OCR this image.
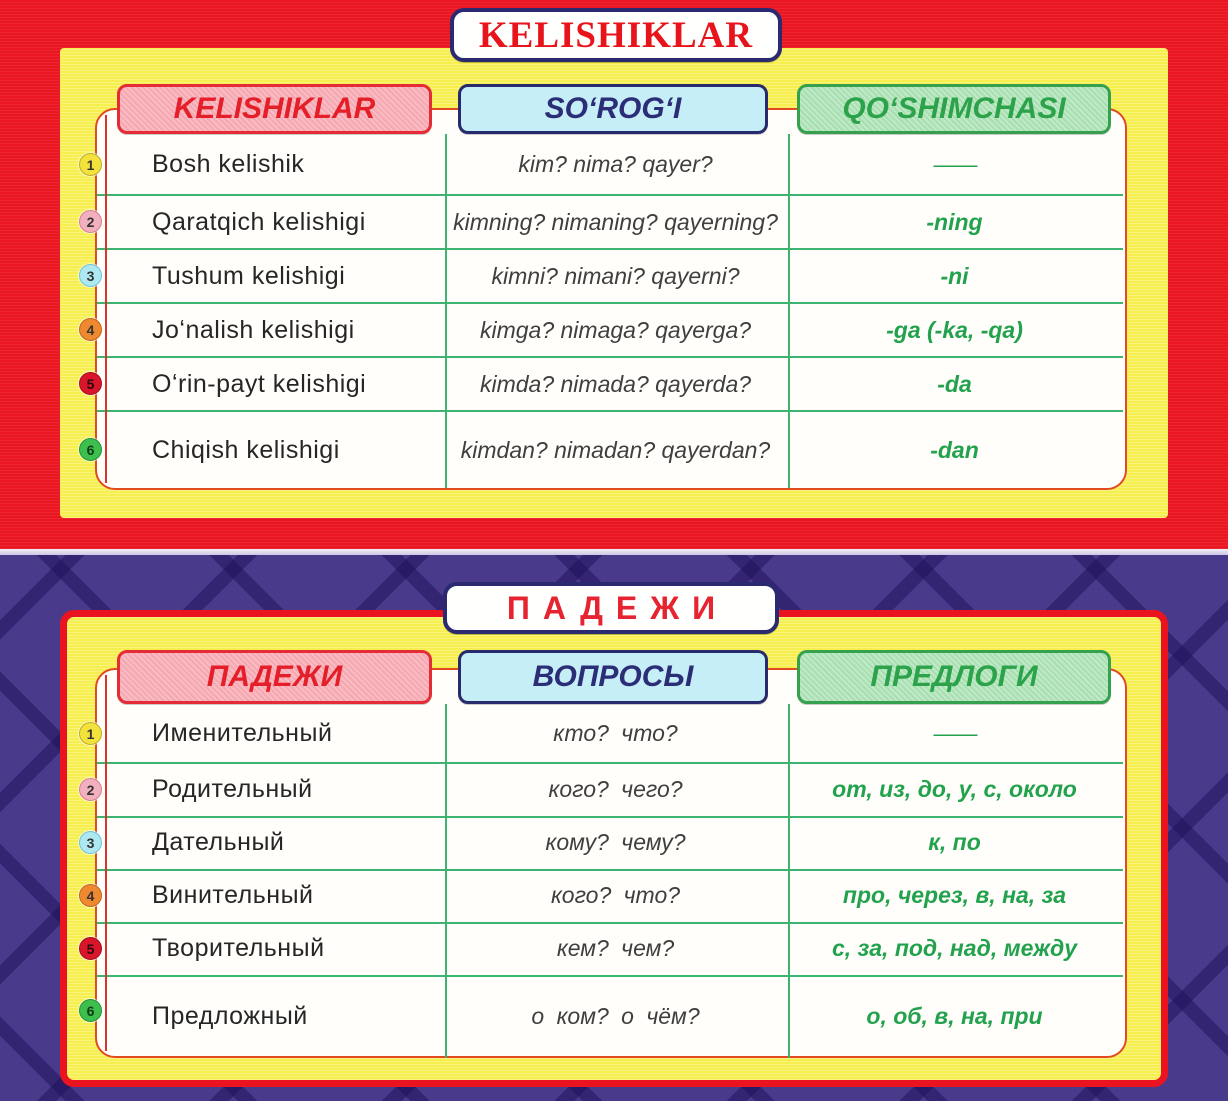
KELISHIKLAR
KELISHIKLAR	SOʻROGʻI	QOʻSHIMCHASI
Bosh kelishik	kim? nima? qayer?	——
Qaratqich kelishigi	kimning? nimaning? qayerning?	-ning
Tushum kelishigi	kimni? nimani? qayerni?	-ni
Joʻnalish kelishigi	kimga? nimaga? qayerga?	-ga (-ka, -qa)
Oʻrin-payt kelishigi	kimda? nimada? qayerda?	-da
Chiqish kelishigi	kimdan? nimadan? qayerdan?	-dan
1
2
3
4
5
6
ПАДЕЖИ
ПАДЕЖИ	ВОПРОСЫ	ПРЕДЛОГИ
Именительный	кто? что?	——
Родительный	кого? чего?	от, из, до, у, с, около
Дательный	кому? чему?	к, по
Винительный	кого? что?	про, через, в, на, за
Творительный	кем? чем?	с, за, под, над, между
Предложный	о ком? о чём?	о, об, в, на, при
1
2
3
4
5
6
